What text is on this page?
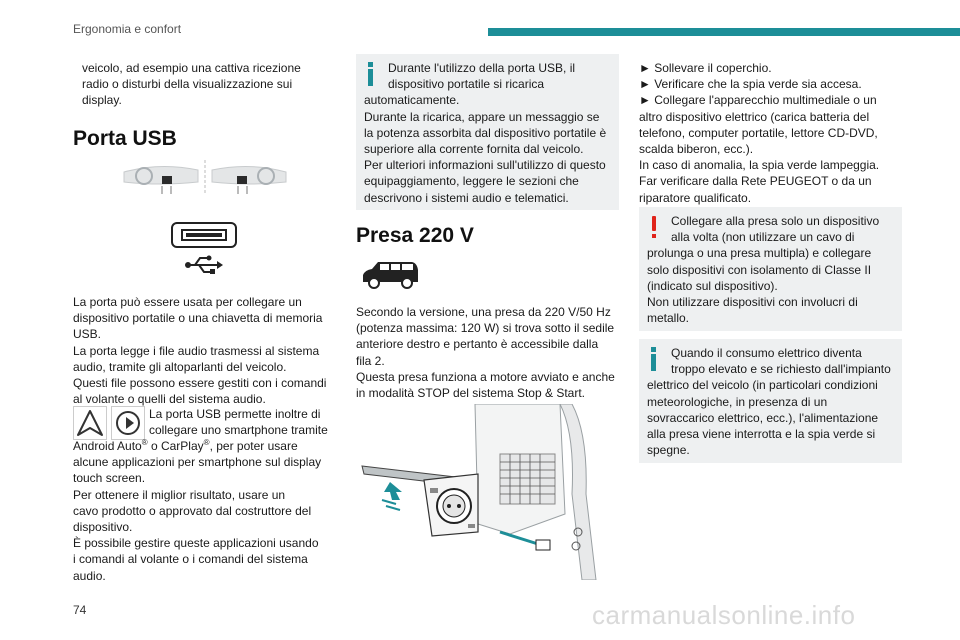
Ergonomia e confort
veicolo, ad esempio una cattiva ricezione
radio o disturbi della visualizzazione sui
display.
Porta USB
La porta può essere usata per collegare un
dispositivo portatile o una chiavetta di memoria
USB.
La porta legge i file audio trasmessi al sistema
audio, tramite gli altoparlanti del veicolo.
Questi file possono essere gestiti con i comandi
al volante o quelli del sistema audio.
La porta USB permette inoltre di
collegare uno smartphone tramite
Android Auto® o CarPlay®, per poter usare
alcune applicazioni per smartphone sul display
touch screen.
Per ottenere il miglior risultato, usare un
cavo prodotto o approvato dal costruttore del
dispositivo.
È possibile gestire queste applicazioni usando
i comandi al volante o i comandi del sistema
audio.
Durante l'utilizzo della porta USB, il
dispositivo portatile si ricarica
automaticamente.
Durante la ricarica, appare un messaggio se
la potenza assorbita dal dispositivo portatile è
superiore alla corrente fornita dal veicolo.
Per ulteriori informazioni sull'utilizzo di questo
equipaggiamento, leggere le sezioni che
descrivono i sistemi audio e telematici.
Presa 220 V
Secondo la versione, una presa da 220 V/50 Hz
(potenza massima: 120 W) si trova sotto il sedile
anteriore destro e pertanto è accessibile dalla
fila 2.
Questa presa funziona a motore avviato e anche
in modalità STOP del sistema Stop & Start.
► Sollevare il coperchio.
► Verificare che la spia verde sia accesa.
► Collegare l'apparecchio multimediale o un
altro dispositivo elettrico (carica batteria del
telefono, computer portatile, lettore CD-DVD,
scalda biberon, ecc.).
In caso di anomalia, la spia verde lampeggia.
Far verificare dalla Rete PEUGEOT o da un
riparatore qualificato.
Collegare alla presa solo un dispositivo
alla volta (non utilizzare un cavo di
prolunga o una presa multipla) e collegare
solo dispositivi con isolamento di Classe II
(indicato sul dispositivo).
Non utilizzare dispositivi con involucri di
metallo.
Quando il consumo elettrico diventa
troppo elevato e se richiesto dall'impianto
elettrico del veicolo (in particolari condizioni
meteorologiche, in presenza di un
sovraccarico elettrico, ecc.), l'alimentazione
alla presa viene interrotta e la spia verde si
spegne.
74	carmanualsonline.info
